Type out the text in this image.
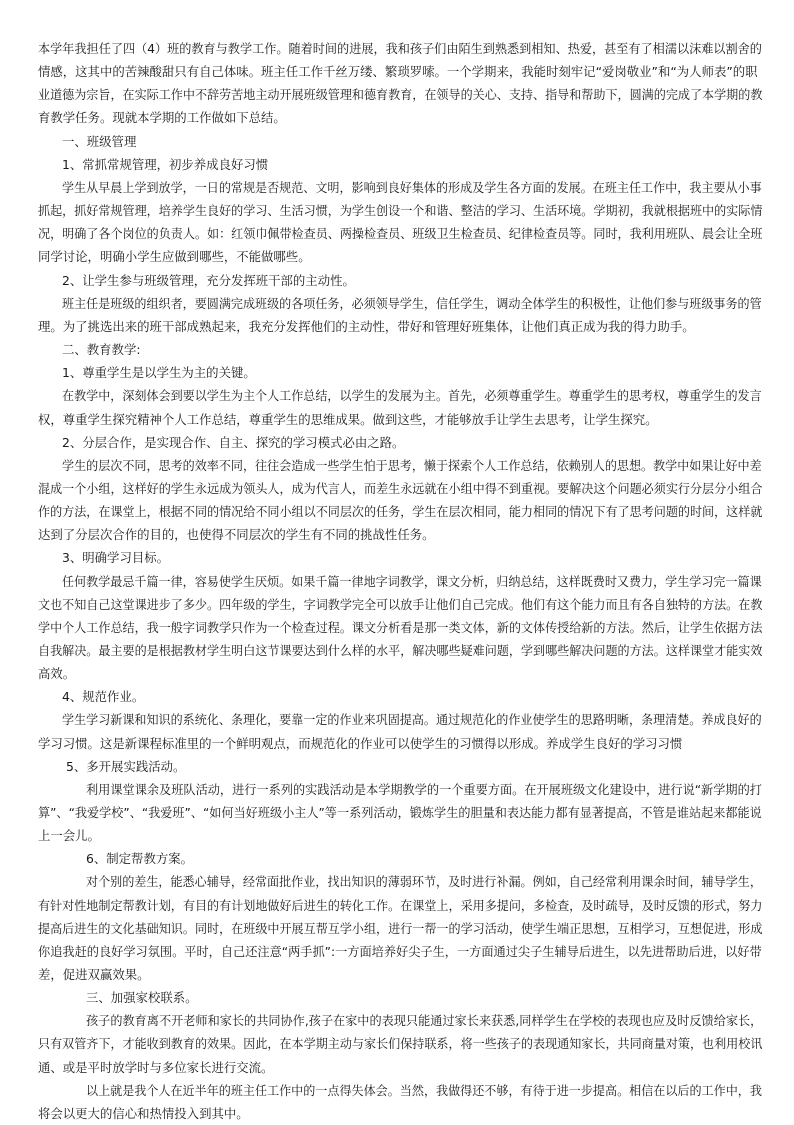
本学年我担任了四（4）班的教育与教学工作。随着时间的进展，我和孩子们由陌生到熟悉到相知、热爱，甚至有了相濡以沫难以割舍的

情感，这其中的苦辣酸甜只有自己体味。班主任工作千丝万缕、繁琐罗嗦。一个学期来，我能时刻牢记“爱岗敬业”和“为人师表”的职

业道德为宗旨，在实际工作中不辞劳苦地主动开展班级管理和德育教育，在领导的关心、支持、指导和帮助下，圆满的完成了本学期的教

育教学任务。现就本学期的工作做如下总结。

一、班级管理

1、常抓常规管理，初步养成良好习惯

学生从早晨上学到放学，一日的常规是否规范、文明，影响到良好集体的形成及学生各方面的发展。在班主任工作中，我主要从小事

抓起，抓好常规管理，培养学生良好的学习、生活习惯，为学生创设一个和谐、整洁的学习、生活环境。学期初，我就根据班中的实际情

况，明确了各个岗位的负责人。如：红领巾佩带检查员、两操检查员、班级卫生检查员、纪律检查员等。同时，我利用班队、晨会让全班

同学讨论，明确小学生应做到哪些，不能做哪些。

2、让学生参与班级管理，充分发挥班干部的主动性。

班主任是班级的组织者，要圆满完成班级的各项任务，必须领导学生，信任学生，调动全体学生的积极性，让他们参与班级事务的管

理。为了挑选出来的班干部成熟起来，我充分发挥他们的主动性，带好和管理好班集体，让他们真正成为我的得力助手。

二、教育教学:

1、尊重学生是以学生为主的关键。

在教学中，深刻体会到要以学生为主个人工作总结，以学生的发展为主。首先，必须尊重学生。尊重学生的思考权，尊重学生的发言

权，尊重学生探究精神个人工作总结，尊重学生的思维成果。做到这些，才能够放手让学生去思考，让学生探究。

2、分层合作，是实现合作、自主、探究的学习模式必由之路。

学生的层次不同，思考的效率不同，往往会造成一些学生怕于思考，懒于探索个人工作总结，依赖别人的思想。教学中如果让好中差

混成一个小组，这样好的学生永远成为领头人，成为代言人，而差生永远就在小组中得不到重视。要解决这个问题必须实行分层分小组合

作的方法，在课堂上，根据不同的情况给不同小组以不同层次的任务，学生在层次相同，能力相同的情况下有了思考问题的时间，这样就

达到了分层次合作的目的，也使得不同层次的学生有不同的挑战性任务。

3、明确学习目标。

任何教学最忌千篇一律，容易使学生厌烦。如果千篇一律地字词教学，课文分析，归纳总结，这样既费时又费力，学生学习完一篇课

文也不知自己这堂课进步了多少。四年级的学生，字词教学完全可以放手让他们自己完成。他们有这个能力而且有各自独特的方法。在教

学中个人工作总结，我一般字词教学只作为一个检查过程。课文分析看是那一类文体，新的文体传授给新的方法。然后，让学生依据方法

自我解决。最主要的是根据教材学生明白这节课要达到什么样的水平，解决哪些疑难问题，学到哪些解决问题的方法。这样课堂才能实效

高效。

4、规范作业。

学生学习新课和知识的系统化、条理化，要靠一定的作业来巩固提高。通过规范化的作业使学生的思路明晰，条理清楚。养成良好的

学习习惯。这是新课程标准里的一个鲜明观点，而规范化的作业可以使学生的习惯得以形成。养成学生良好的学习习惯

5、多开展实践活动。

利用课堂课余及班队活动，进行一系列的实践活动是本学期教学的一个重要方面。在开展班级文化建设中，进行说“新学期的打

算”、“我爱学校”、“我爱班”、“如何当好班级小主人”等一系列活动，锻炼学生的胆量和表达能力都有显著提高，不管是谁站起来都能说

上一会儿。

6、制定帮教方案。

对个别的差生，能悉心辅导，经常面批作业，找出知识的薄弱环节，及时进行补漏。例如，自己经常利用课余时间，辅导学生，

有针对性地制定帮教计划，有目的有计划地做好后进生的转化工作。在课堂上，采用多提问，多检查，及时疏导，及时反馈的形式，努力

提高后进生的文化基础知识。同时，在班级中开展互帮互学小组，进行一帮一的学习活动，使学生端正思想，互相学习，互想促进，形成

你追我赶的良好学习氛围。平时，自己还注意“两手抓”:一方面培养好尖子生，一方面通过尖子生辅导后进生，以先进帮助后进，以好带

差，促进双赢效果。

三、加强家校联系。

孩子的教育离不开老师和家长的共同协作,孩子在家中的表现只能通过家长来获悉,同样学生在学校的表现也应及时反馈给家长，

只有双管齐下，才能收到教育的效果。因此，在本学期主动与家长们保持联系，将一些孩子的表现通知家长，共同商量对策，也利用校讯

通、或是平时放学时与多位家长进行交流。

以上就是我个人在近半年的班主任工作中的一点得失体会。当然，我做得还不够，有待于进一步提高。相信在以后的工作中，我

将会以更大的信心和热情投入到其中。
